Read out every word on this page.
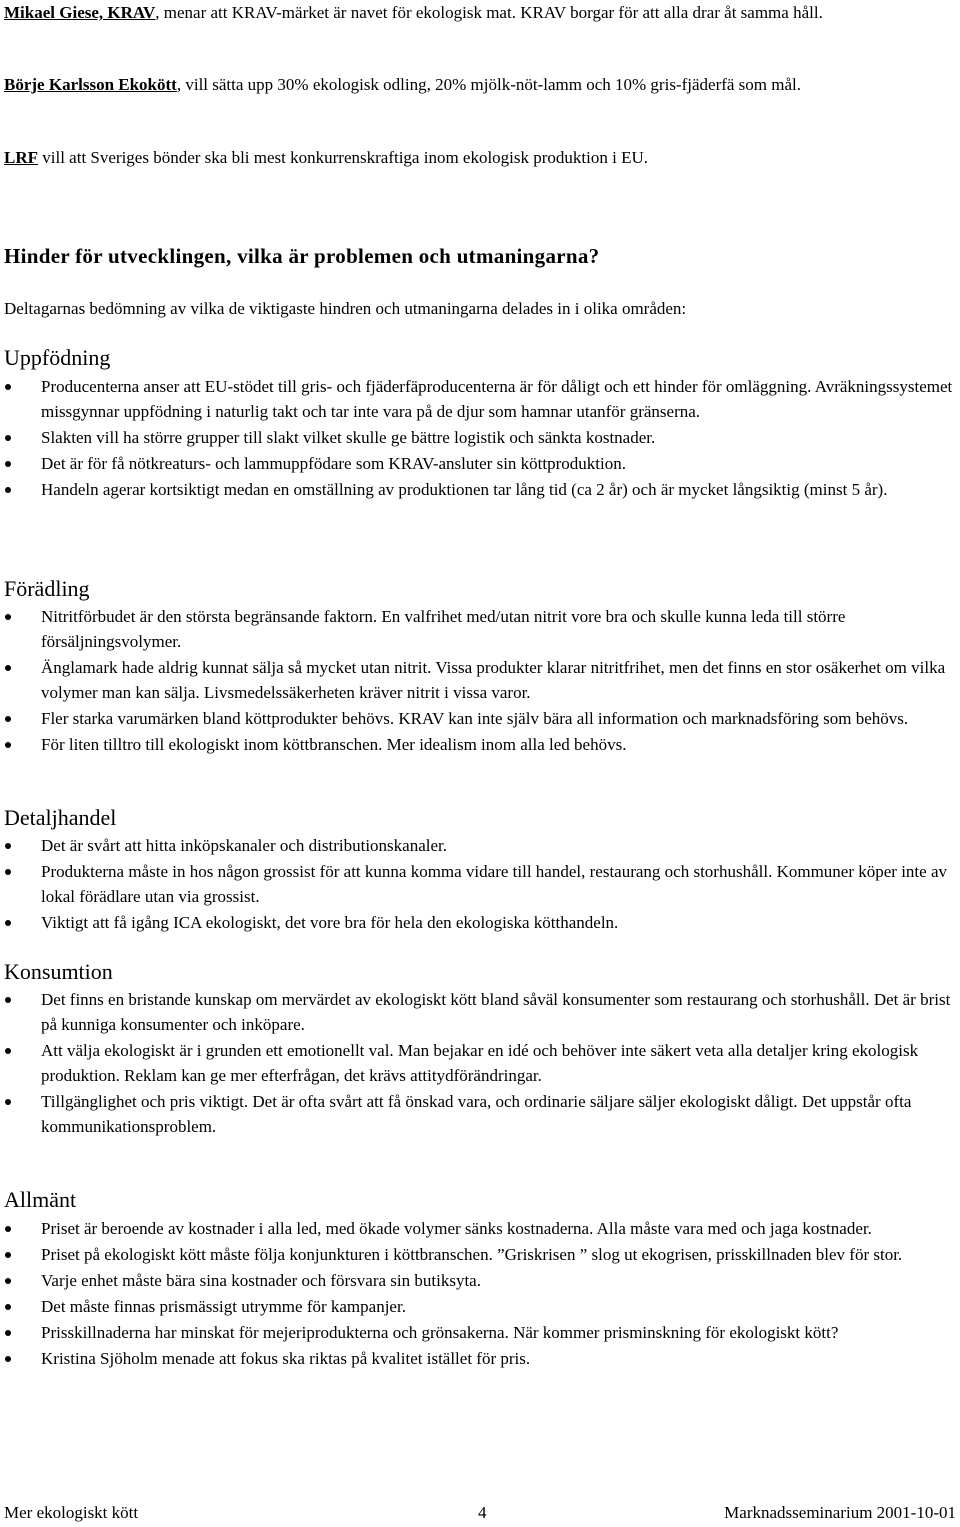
Mikael Giese, KRAV, menar att KRAV-märket är navet för ekologisk mat. KRAV borgar för att alla drar åt samma håll.

Börje Karlsson Ekokött, vill sätta upp 30% ekologisk odling, 20% mjölk-nöt-lamm och 10% gris-fjäderfä som mål.

LRF vill att Sveriges bönder ska bli mest konkurrenskraftiga inom ekologisk produktion i EU.

Hinder för utvecklingen, vilka är problemen och utmaningarna?

Deltagarnas bedömning av vilka de viktigaste hindren och utmaningarna delades in i olika områden:

Uppfödning
Producenterna anser att EU-stödet till gris- och fjäderfäproducenterna är för dåligt och ett hinder för omläggning. Avräkningssystemet missgynnar uppfödning i naturlig takt och tar inte vara på de djur som hamnar utanför gränserna.
Slakten vill ha större grupper till slakt vilket skulle ge bättre logistik och sänkta kostnader.
Det är för få nötkreaturs- och lammuppfödare som KRAV-ansluter sin köttproduktion.
Handeln agerar kortsiktigt medan en omställning av produktionen tar lång tid (ca 2 år) och är mycket långsiktig (minst 5 år).
Förädling
Nitritförbudet är den största begränsande faktorn. En valfrihet med/utan nitrit vore bra och skulle kunna leda till större försäljningsvolymer.
Änglamark hade aldrig kunnat sälja så mycket utan nitrit. Vissa produkter klarar nitritfrihet, men det finns en stor osäkerhet om vilka volymer man kan sälja. Livsmedelssäkerheten kräver nitrit i vissa varor.
Fler starka varumärken bland köttprodukter behövs. KRAV kan inte själv bära all information och marknadsföring som behövs.
För liten tilltro till ekologiskt inom köttbranschen. Mer idealism inom alla led behövs.
Detaljhandel
Det är svårt att hitta inköpskanaler och distributionskanaler.
Produkterna måste in hos någon grossist för att kunna komma vidare till handel, restaurang och storhushåll. Kommuner köper inte av lokal förädlare utan via grossist.
Viktigt att få igång ICA ekologiskt, det vore bra för hela den ekologiska kötthandeln.
Konsumtion
Det finns en bristande kunskap om mervärdet av ekologiskt kött bland såväl konsumenter som restaurang och storhushåll. Det är brist på kunniga konsumenter och inköpare.
Att välja ekologiskt är i grunden ett emotionellt val. Man bejakar en idé och behöver inte säkert veta alla detaljer kring ekologisk produktion. Reklam kan ge mer efterfrågan, det krävs attitydförändringar.
Tillgänglighet och pris viktigt. Det är ofta svårt att få önskad vara, och ordinarie säljare säljer ekologiskt dåligt. Det uppstår ofta kommunikationsproblem.
Allmänt
Priset är beroende av kostnader i alla led, med ökade volymer sänks kostnaderna. Alla måste vara med och jaga kostnader.
Priset på ekologiskt kött måste följa konjunkturen i köttbranschen. ”Griskrisen ” slog ut ekogrisen, prisskillnaden blev för stor.
Varje enhet måste bära sina kostnader och försvara sin butiksyta.
Det måste finnas prismässigt utrymme för kampanjer.
Prisskillnaderna har minskat för mejeriprodukterna och grönsakerna. När kommer prisminskning för ekologiskt kött?
Kristina Sjöholm menade att fokus ska riktas på kvalitet istället för pris.
Mer ekologiskt kött	4	Marknadsseminarium 2001-10-01
